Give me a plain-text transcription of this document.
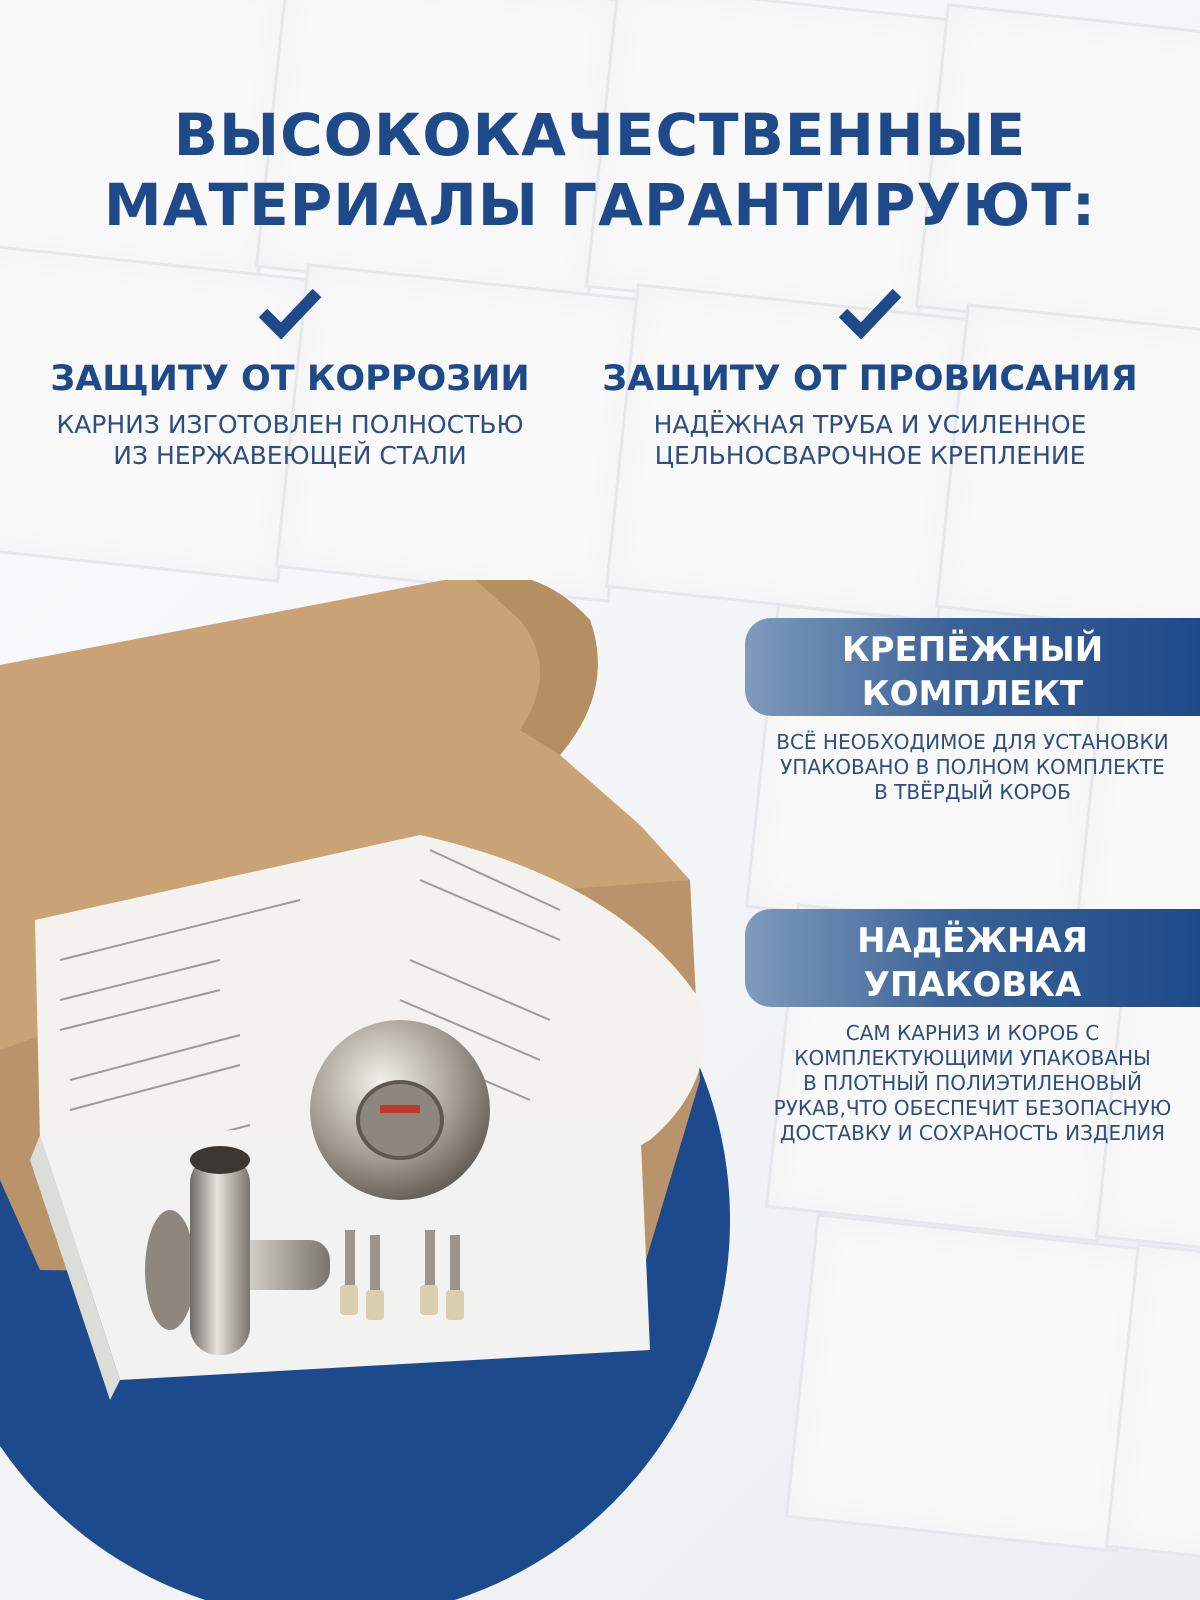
ВЫСОКОКАЧЕСТВЕННЫЕ
МАТЕРИАЛЫ ГАРАНТИРУЮТ:
ЗАЩИТУ ОТ КОРРОЗИИ
КАРНИЗ ИЗГОТОВЛЕН ПОЛНОСТЬЮ
ИЗ НЕРЖАВЕЮЩЕЙ СТАЛИ
ЗАЩИТУ ОТ ПРОВИСАНИЯ
НАДЁЖНАЯ ТРУБА И УСИЛЕННОЕ
ЦЕЛЬНОСВАРОЧНОЕ КРЕПЛЕНИЕ
КРЕПЁЖНЫЙ
КОМПЛЕКТ
ВСЁ НЕОБХОДИМОЕ ДЛЯ УСТАНОВКИ
УПАКОВАНО В ПОЛНОМ КОМПЛЕКТЕ
В ТВЁРДЫЙ КОРОБ
НАДЁЖНАЯ
УПАКОВКА
САМ КАРНИЗ И КОРОБ С
КОМПЛЕКТУЮЩИМИ УПАКОВАНЫ
В ПЛОТНЫЙ ПОЛИЭТИЛЕНОВЫЙ
РУКАВ,ЧТО ОБЕСПЕЧИТ БЕЗОПАСНУЮ
ДОСТАВКУ И СОХРАНОСТЬ ИЗДЕЛИЯ
